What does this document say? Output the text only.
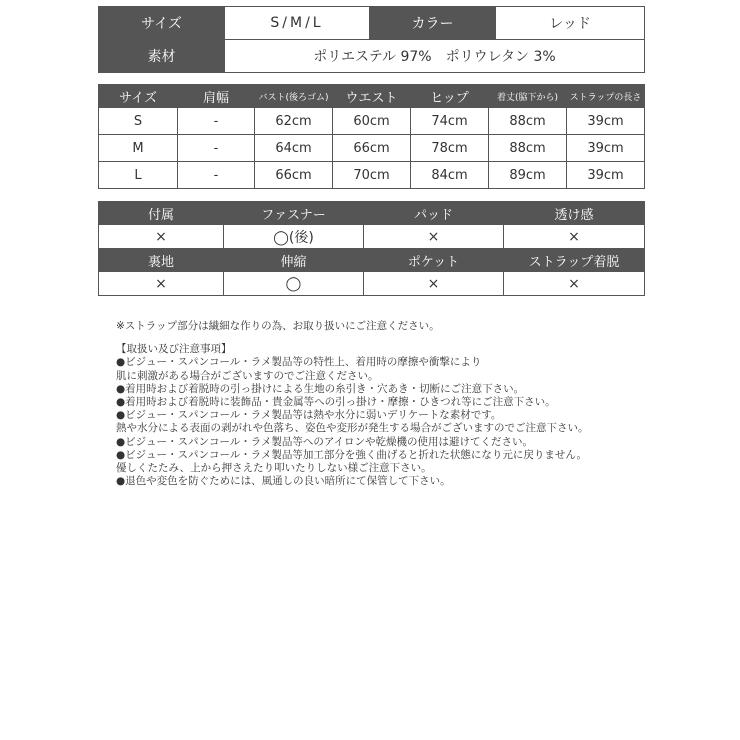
サイズ	S/M/L	カラー	レッド
素材	ポリエステル 97%　ポリウレタン 3%		
サイズ	肩幅	バスト(後ろゴム)	ウエスト	ヒップ	着丈(脇下から)	ストラップの長さ
S	-	62cm	60cm	74cm	88cm	39cm
M	-	64cm	66cm	78cm	88cm	39cm
L	-	66cm	70cm	84cm	89cm	39cm
付属	ファスナー	パッド	透け感
×	◯(後)	×	×
裏地	伸縮	ポケット	ストラップ着脱
×	◯	×	×
※ストラップ部分は繊細な作りの為、お取り扱いにご注意ください。
【取扱い及び注意事項】
●ビジュー・スパンコール・ラメ製品等の特性上、着用時の摩擦や衝撃により
肌に刺激がある場合がございますのでご注意ください。
●着用時および着脱時の引っ掛けによる生地の糸引き・穴あき・切断にご注意下さい。
●着用時および着脱時に装飾品・貴金属等への引っ掛け・摩擦・ひきつれ等にご注意下さい。
●ビジュー・スパンコール・ラメ製品等は熱や水分に弱いデリケートな素材です。
熱や水分による表面の剥がれや色落ち、姿色や変形が発生する場合がございますのでご注意下さい。
●ビジュー・スパンコール・ラメ製品等へのアイロンや乾燥機の使用は避けてください。
●ビジュー・スパンコール・ラメ製品等加工部分を強く曲げると折れた状態になり元に戻りません。
優しくたたみ、上から押さえたり叩いたりしない様ご注意下さい。
●退色や変色を防ぐためには、風通しの良い暗所にて保管して下さい。
